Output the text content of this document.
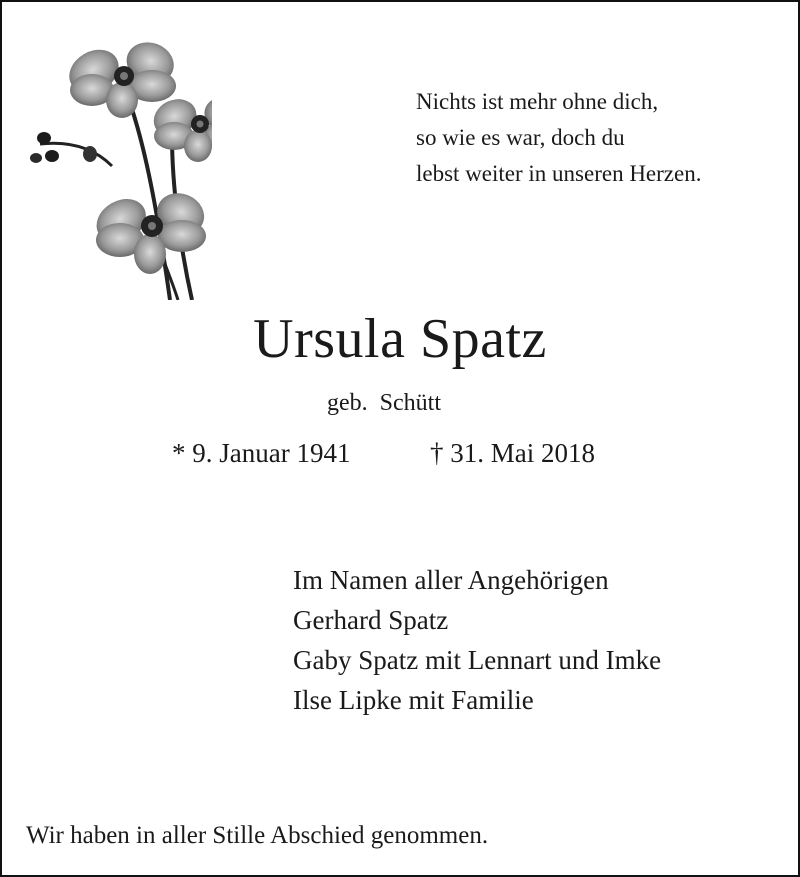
Nichts ist mehr ohne dich,
so wie es war, doch du
lebst weiter in unseren Herzen.
Ursula Spatz
geb. Schütt
* 9. Januar 1941	† 31. Mai 2018
Im Namen aller Angehörigen
Gerhard Spatz
Gaby Spatz mit Lennart und Imke
Ilse Lipke mit Familie
Wir haben in aller Stille Abschied genommen.
